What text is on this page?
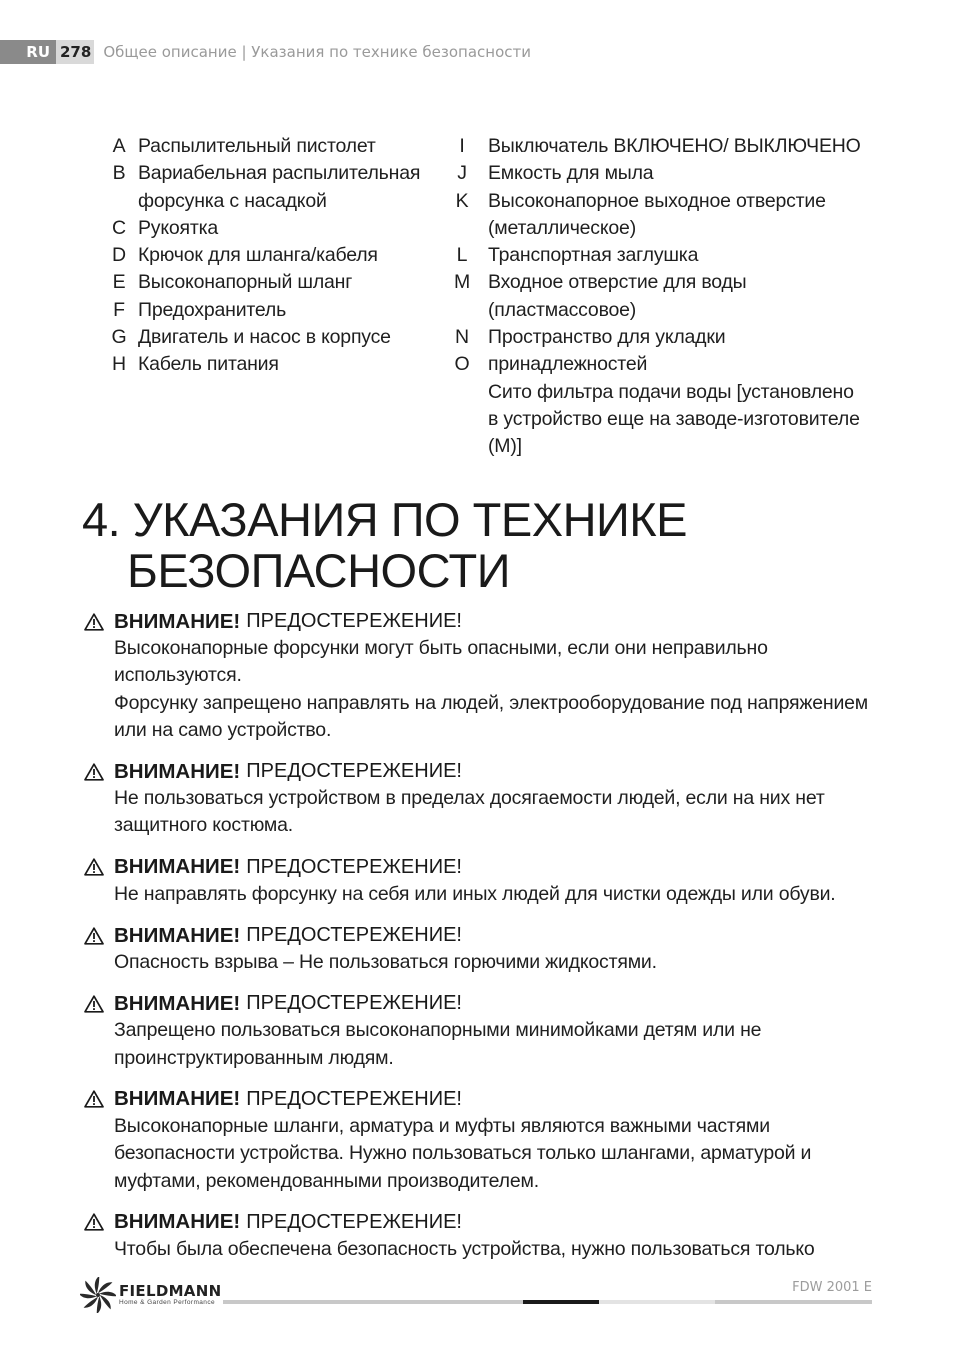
RU 278 Общее описание | Указания по технике безопасности
A Распылительный пистолет
B Вариабельная распылительная
форсунка с насадкой
C Рукоятка
D Крючок для шланга/кабеля
E Высоконапорный шланг
F Предохранитель
G Двигатель и насос в корпусе
H Кабель питания
I	Выключатель ВКЛЮЧЕНО/ ВЫКЛЮЧЕНО
J	Емкость для мыла
K	Высоконапорное выходное отверстие
(металлическое)
L	Транспортная заглушка
M Входное отверстие для воды
(пластмассовое)
N Пространство для укладки
O принадлежностей
Сито фильтра подачи воды [установлено
в устройство еще на заводе-изготовителе
(M)]
4. УКАЗАНИЯ ПО ТЕХНИКЕ
БЕЗОПАСНОСТИ
ВНИМАНИЕ! ПРЕДОСТЕРЕЖЕНИЕ!
Высоконапорные форсунки могут быть опасными, если они неправильно
используются.
Форсунку запрещено направлять на людей, электрооборудование под напряжением
или на само устройство.
ВНИМАНИЕ! ПРЕДОСТЕРЕЖЕНИЕ!
Не пользоваться устройством в пределах досягаемости людей, если на них нет
защитного костюма.
ВНИМАНИЕ! ПРЕДОСТЕРЕЖЕНИЕ!
Не направлять форсунку на себя или иных людей для чистки одежды или обуви.
ВНИМАНИЕ! ПРЕДОСТЕРЕЖЕНИЕ!
Опасность взрыва – Не пользоваться горючими жидкостями.
ВНИМАНИЕ! ПРЕДОСТЕРЕЖЕНИЕ!
Запрещено пользоваться высоконапорными минимойками детям или не
проинструктированным людям.
ВНИМАНИЕ! ПРЕДОСТЕРЕЖЕНИЕ!
Высоконапорные шланги, арматура и муфты являются важными частями
безопасности устройства. Нужно пользоваться только шлангами, арматурой и
муфтами, рекомендованными производителем.
ВНИМАНИЕ! ПРЕДОСТЕРЕЖЕНИЕ!
Чтобы была обеспечена безопасность устройства, нужно пользоваться только
FIELDMANN
Home & Garden Performance
FDW 2001 E
